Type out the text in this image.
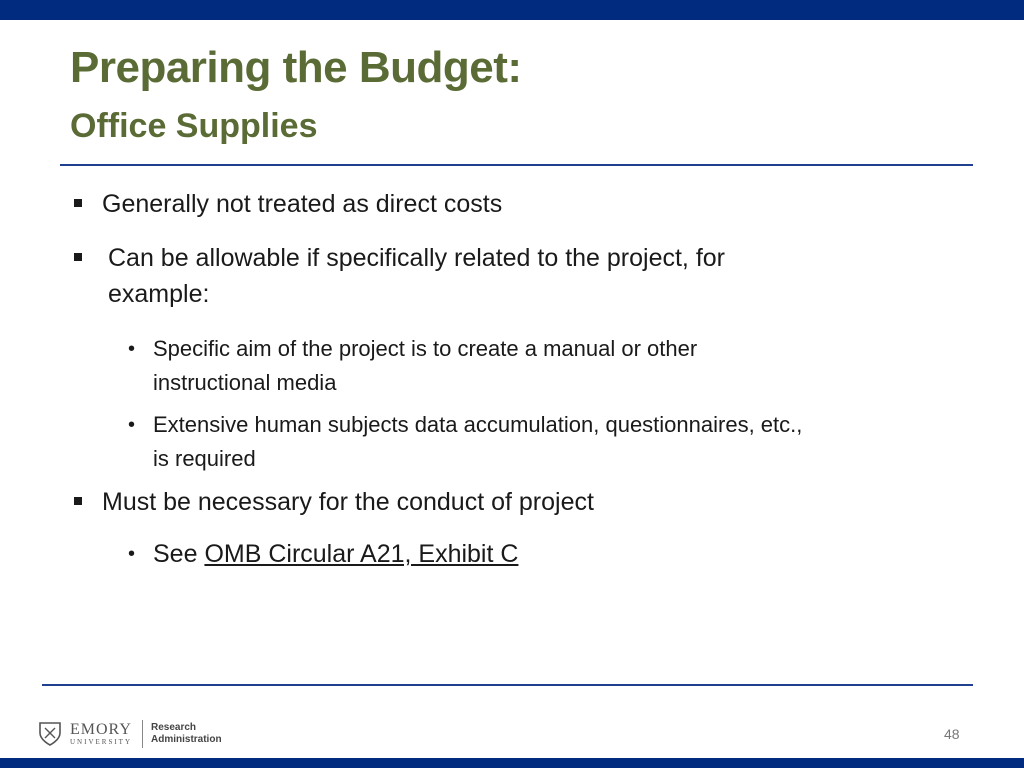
Preparing the Budget:
Office Supplies

Generally not treated as direct costs

Can be allowable if specifically related to the project, for
example:

• Specific aim of the project is to create a manual or other
instructional media

• Extensive human subjects data accumulation, questionnaires, etc.,
is required

Must be necessary for the conduct of project

• See OMB Circular A21, Exhibit C

EMORY
UNIVERSITY
Research
Administration	48
